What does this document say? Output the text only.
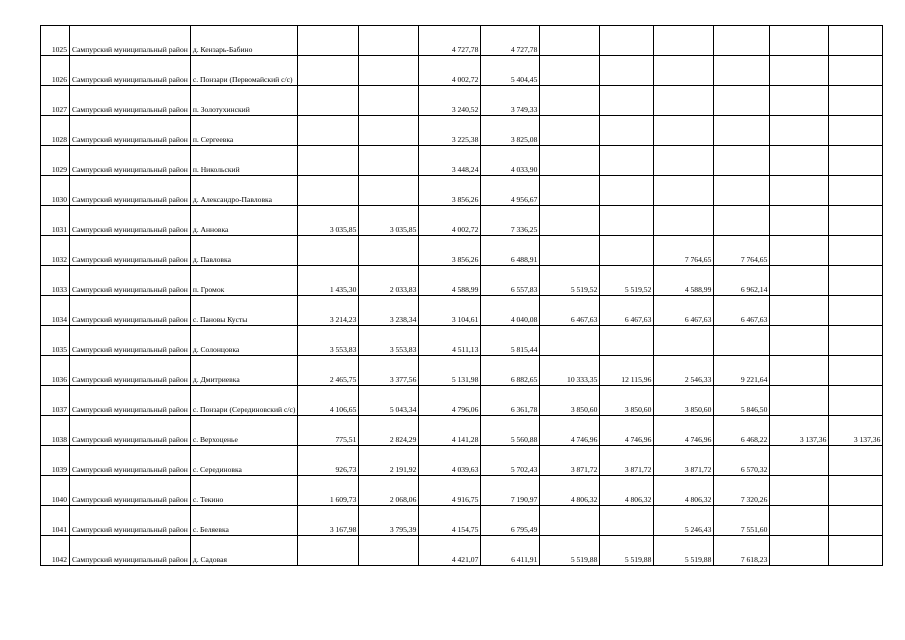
1025	Сампурский муниципальный район	д. Кензарь-Бабино			4 727,78	4 727,78						
1026	Сампурский муниципальный район	с. Понзари (Первомайский с/с)			4 002,72	5 404,45						
1027	Сампурский муниципальный район	п. Золотухинский			3 240,52	3 749,33						
1028	Сампурский муниципальный район	п. Сергеевка			3 225,38	3 825,08						
1029	Сампурский муниципальный район	п. Никольский			3 448,24	4 033,90						
1030	Сампурский муниципальный район	д. Александро-Павловка			3 856,26	4 956,67						
1031	Сампурский муниципальный район	д. Анновка	3 035,85	3 035,85	4 002,72	7 336,25						
1032	Сампурский муниципальный район	д. Павловка			3 856,26	6 488,91			7 764,65	7 764,65		
1033	Сампурский муниципальный район	п. Громок	1 435,30	2 033,83	4 588,99	6 557,83	5 519,52	5 519,52	4 588,99	6 962,14		
1034	Сампурский муниципальный район	с. Пановы Кусты	3 214,23	3 238,34	3 104,61	4 040,08	6 467,63	6 467,63	6 467,63	6 467,63		
1035	Сампурский муниципальный район	д. Солонцовка	3 553,83	3 553,83	4 511,13	5 815,44						
1036	Сампурский муниципальный район	д. Дмитриевка	2 465,75	3 377,56	5 131,98	6 882,65	10 333,35	12 115,96	2 546,33	9 221,64		
1037	Сампурский муниципальный район	с. Понзари (Серединовский с/с)	4 106,65	5 043,34	4 796,06	6 361,78	3 850,60	3 850,60	3 850,60	5 846,50		
1038	Сампурский муниципальный район	с. Верхоценье	775,51	2 824,29	4 141,28	5 560,88	4 746,96	4 746,96	4 746,96	6 468,22	3 137,36	3 137,36
1039	Сампурский муниципальный район	с. Серединовка	926,73	2 191,92	4 039,63	5 702,43	3 871,72	3 871,72	3 871,72	6 570,32		
1040	Сампурский муниципальный район	с. Текино	1 609,73	2 068,06	4 916,75	7 190,97	4 806,32	4 806,32	4 806,32	7 320,26		
1041	Сампурский муниципальный район	с. Беляевка	3 167,98	3 795,39	4 154,75	6 795,49			5 246,43	7 551,60		
1042	Сампурский муниципальный район	д. Садовая			4 421,07	6 411,91	5 519,88	5 519,88	5 519,88	7 618,23		
